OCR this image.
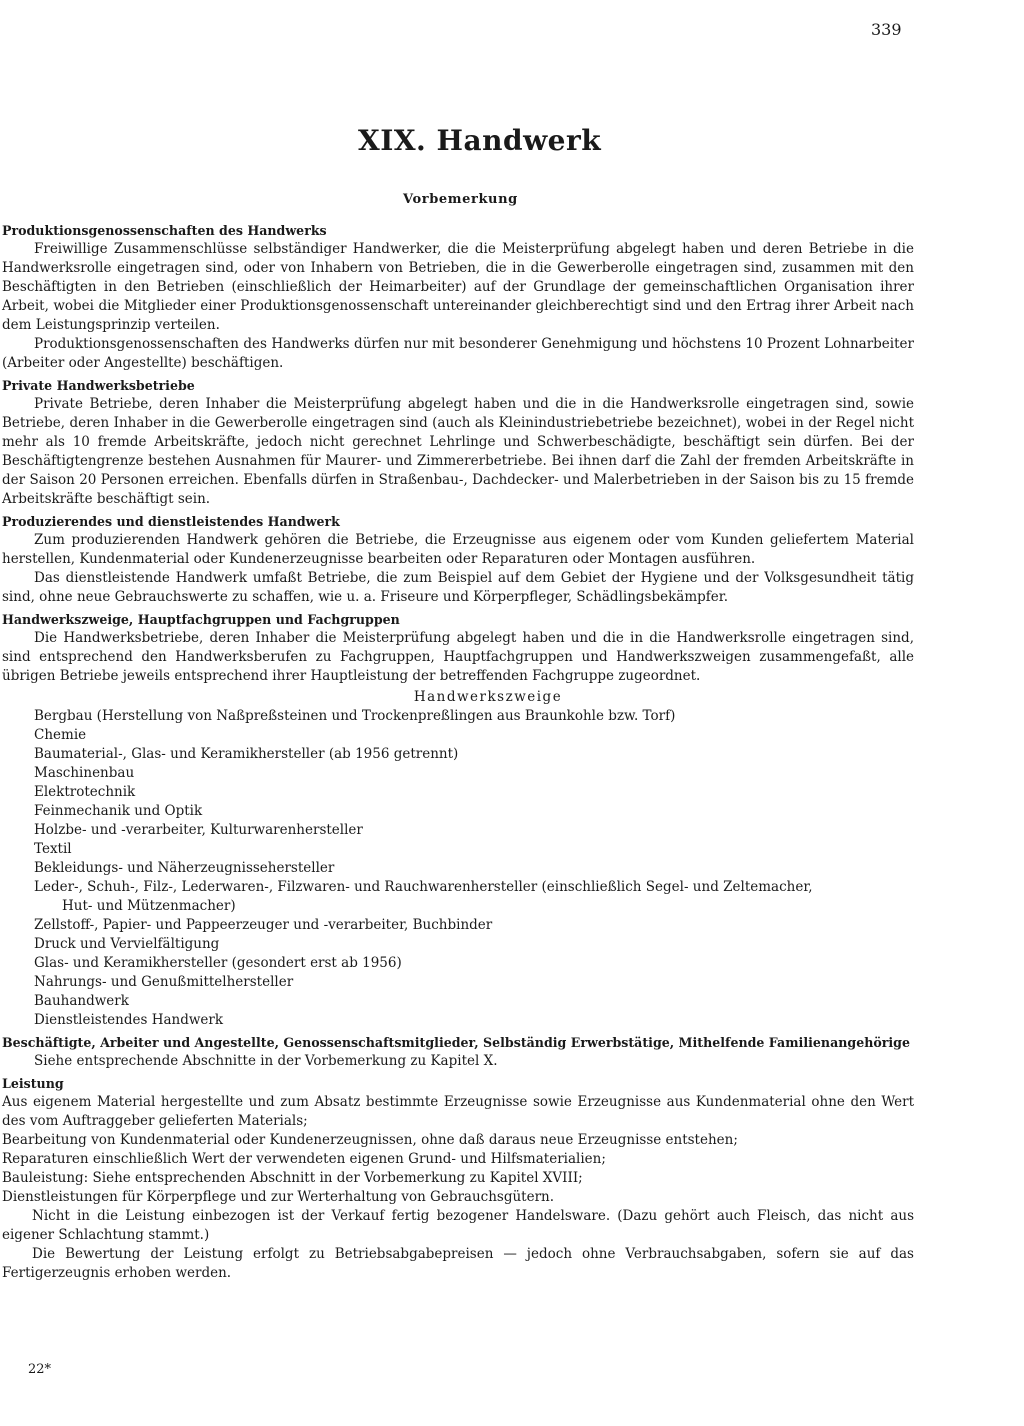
339
XIX. Handwerk
Vorbemerkung
Produktionsgenossenschaften des Handwerks

Freiwillige Zusammenschlüsse selbständiger Handwerker, die die Meisterprüfung abgelegt haben und deren Betriebe in die Handwerksrolle eingetragen sind, oder von Inhabern von Betrieben, die in die Gewerberolle eingetragen sind, zusammen mit den Beschäftigten in den Betrieben (einschließlich der Heimarbeiter) auf der Grundlage der gemeinschaftlichen Organisation ihrer Arbeit, wobei die Mitglieder einer Produktionsgenossenschaft untereinander gleichberechtigt sind und den Ertrag ihrer Arbeit nach dem Leistungsprinzip verteilen.

Produktionsgenossenschaften des Handwerks dürfen nur mit besonderer Genehmigung und höchstens 10 Prozent Lohnarbeiter (Arbeiter oder Angestellte) beschäftigen.

Private Handwerksbetriebe

Private Betriebe, deren Inhaber die Meisterprüfung abgelegt haben und die in die Handwerksrolle eingetragen sind, sowie Betriebe, deren Inhaber in die Gewerberolle eingetragen sind (auch als Kleinindustriebetriebe bezeichnet), wobei in der Regel nicht mehr als 10 fremde Arbeitskräfte, jedoch nicht gerechnet Lehrlinge und Schwerbeschädigte, beschäftigt sein dürfen. Bei der Beschäftigtengrenze bestehen Ausnahmen für Maurer- und Zimmererbetriebe. Bei ihnen darf die Zahl der fremden Arbeitskräfte in der Saison 20 Personen erreichen. Ebenfalls dürfen in Straßenbau-, Dachdecker- und Malerbetrieben in der Saison bis zu 15 fremde Arbeitskräfte beschäftigt sein.

Produzierendes und dienstleistendes Handwerk

Zum produzierenden Handwerk gehören die Betriebe, die Erzeugnisse aus eigenem oder vom Kunden geliefertem Material herstellen, Kundenmaterial oder Kundenerzeugnisse bearbeiten oder Reparaturen oder Montagen ausführen.

Das dienstleistende Handwerk umfaßt Betriebe, die zum Beispiel auf dem Gebiet der Hygiene und der Volksgesundheit tätig sind, ohne neue Gebrauchswerte zu schaffen, wie u. a. Friseure und Körperpfleger, Schädlingsbekämpfer.

Handwerkszweige, Hauptfachgruppen und Fachgruppen

Die Handwerksbetriebe, deren Inhaber die Meisterprüfung abgelegt haben und die in die Handwerksrolle eingetragen sind, sind entsprechend den Handwerksberufen zu Fachgruppen, Hauptfachgruppen und Handwerkszweigen zusammengefaßt, alle übrigen Betriebe jeweils entsprechend ihrer Hauptleistung der betreffenden Fachgruppe zugeordnet.

Handwerkszweige
Bergbau (Herstellung von Naßpreßsteinen und Trockenpreßlingen aus Braunkohle bzw. Torf)
Chemie
Baumaterial-, Glas- und Keramikhersteller (ab 1956 getrennt)
Maschinenbau
Elektrotechnik
Feinmechanik und Optik
Holzbe- und -verarbeiter, Kulturwarenhersteller
Textil
Bekleidungs- und Näherzeugnissehersteller
Leder-, Schuh-, Filz-, Lederwaren-, Filzwaren- und Rauchwarenhersteller (einschließlich Segel- und Zeltemacher,
Hut- und Mützenmacher)
Zellstoff-, Papier- und Pappeerzeuger und -verarbeiter, Buchbinder
Druck und Vervielfältigung
Glas- und Keramikhersteller (gesondert erst ab 1956)
Nahrungs- und Genußmittelhersteller
Bauhandwerk
Dienstleistendes Handwerk
Beschäftigte, Arbeiter und Angestellte, Genossenschaftsmitglieder, Selbständig Erwerbstätige, Mithelfende Familienangehörige

Siehe entsprechende Abschnitte in der Vorbemerkung zu Kapitel X.

Leistung

Aus eigenem Material hergestellte und zum Absatz bestimmte Erzeugnisse sowie Erzeugnisse aus Kundenmaterial ohne den Wert des vom Auftraggeber gelieferten Materials;

Bearbeitung von Kundenmaterial oder Kundenerzeugnissen, ohne daß daraus neue Erzeugnisse entstehen;

Reparaturen einschließlich Wert der verwendeten eigenen Grund- und Hilfsmaterialien;

Bauleistung: Siehe entsprechenden Abschnitt in der Vorbemerkung zu Kapitel XVIII;

Dienstleistungen für Körperpflege und zur Werterhaltung von Gebrauchsgütern.

Nicht in die Leistung einbezogen ist der Verkauf fertig bezogener Handelsware. (Dazu gehört auch Fleisch, das nicht aus eigener Schlachtung stammt.)

Die Bewertung der Leistung erfolgt zu Betriebsabgabepreisen — jedoch ohne Verbrauchsabgaben, sofern sie auf das Fertigerzeugnis erhoben werden.

22*
